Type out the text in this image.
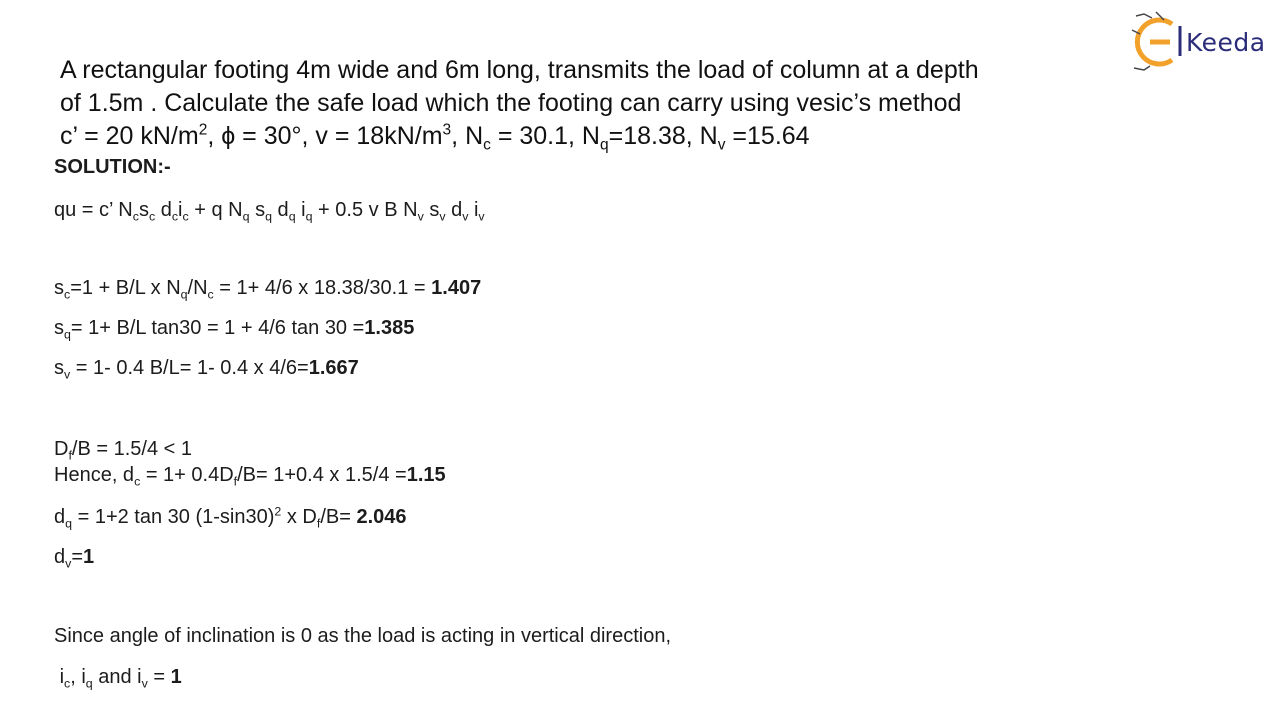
Keeda
A rectangular footing 4m wide and 6m long, transmits the load of column at a depth
of 1.5m . Calculate the safe load which the footing can carry using vesic’s method
c’ = 20 $kN/m^2$, ϕ = 30°, $v = 18kN/m^3$, $N_c = 30.1$, $N_q=18.38$, $N_v =15.64$
SOLUTION:-
qu = c’ $N_cs_c$ $d_ci_c + q$ $N_q$ $s_q$ $d_q$ $i_q + 0.5$ v B $N_v$ $s_v$ $d_v$ $i_v$
$s_c=1 + B/L$ x $N_q/N_c = 1+ 4/6$ x 18.38/30.1 = 1.407
$s_q= 1+ B/L$ tan30 = 1 + 4/6 tan 30 =1.385
$s_v = 1-$ 0.4 B/L= 1- 0.4 x 4/6=1.667
$D_f/B = 1.5/4 < 1$
Hence, $d_c = 1+ 0.4D_f/B= 1+0.4$ x 1.5/4 =1.15
$d_q = 1+2$ tan 30 $(1-\sin 30)^2$ x $D_f/B= 2.046$
$d_v=1$
Since angle of inclination is 0 as the load is acting in vertical direction,
$i_c$, $i_q$ and $i_v = 1$
